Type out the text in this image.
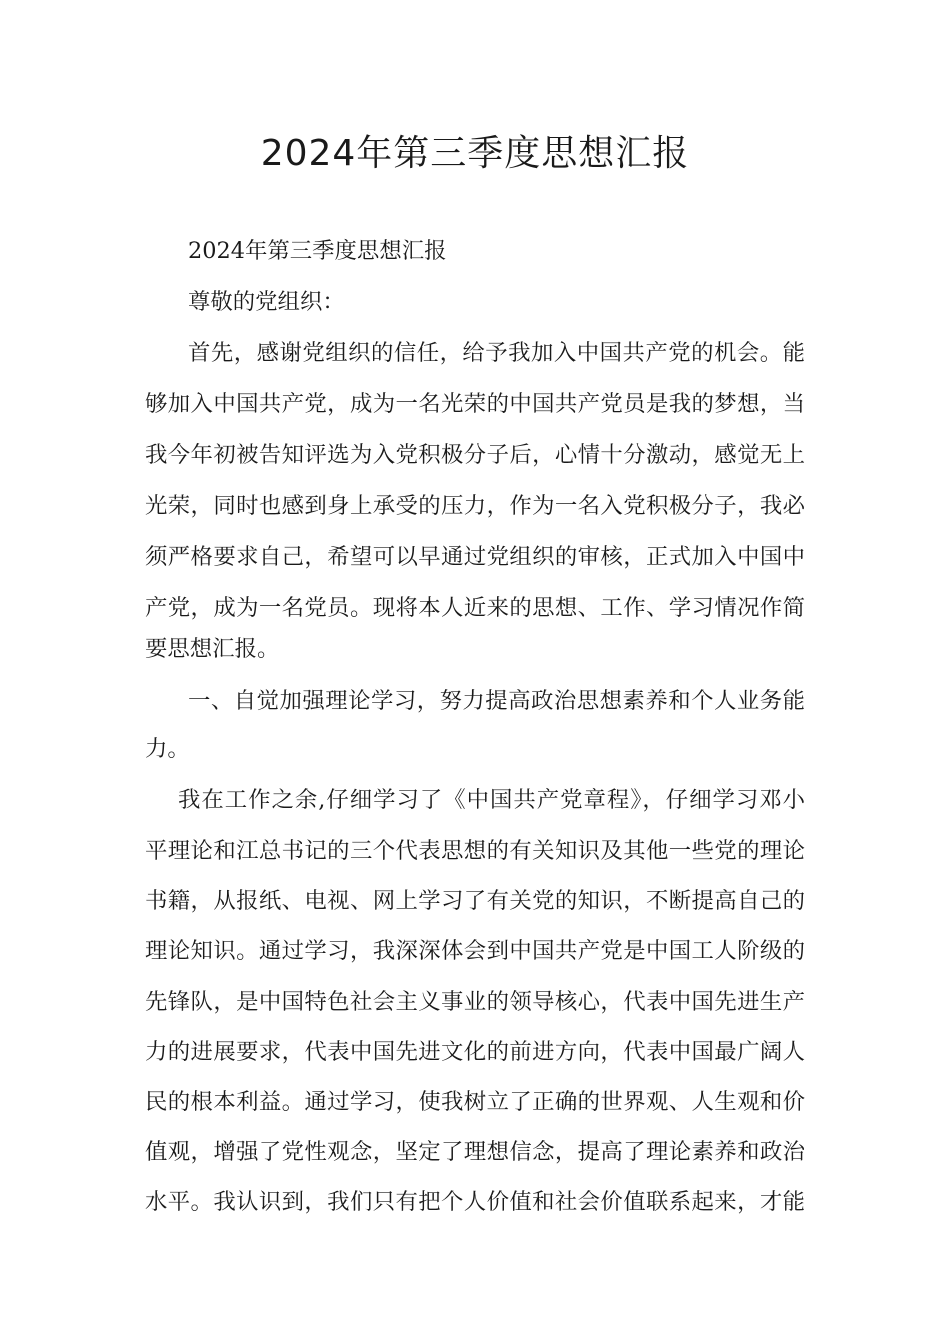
2024年第三季度思想汇报

2024年第三季度思想汇报

尊敬的党组织：

首先，感谢党组织的信任，给予我加入中国共产党的机会。能

够加入中国共产党，成为一名光荣的中国共产党员是我的梦想，当

我今年初被告知评选为入党积极分子后，心情十分激动，感觉无上

光荣，同时也感到身上承受的压力，作为一名入党积极分子，我必

须严格要求自己，希望可以早通过党组织的审核，正式加入中国中

产党，成为一名党员。现将本人近来的思想、工作、学习情况作简

要思想汇报。

一、自觉加强理论学习，努力提高政治思想素养和个人业务能

力。

我在工作之余,仔细学习了《中国共产党章程》，仔细学习邓小

平理论和江总书记的三个代表思想的有关知识及其他一些党的理论

书籍，从报纸、电视、网上学习了有关党的知识，不断提高自己的

理论知识。通过学习，我深深体会到中国共产党是中国工人阶级的

先锋队，是中国特色社会主义事业的领导核心，代表中国先进生产

力的进展要求，代表中国先进文化的前进方向，代表中国最广阔人

民的根本利益。通过学习，使我树立了正确的世界观、人生观和价

值观，增强了党性观念，坚定了理想信念，提高了理论素养和政治

水平。我认识到，我们只有把个人价值和社会价值联系起来，才能
